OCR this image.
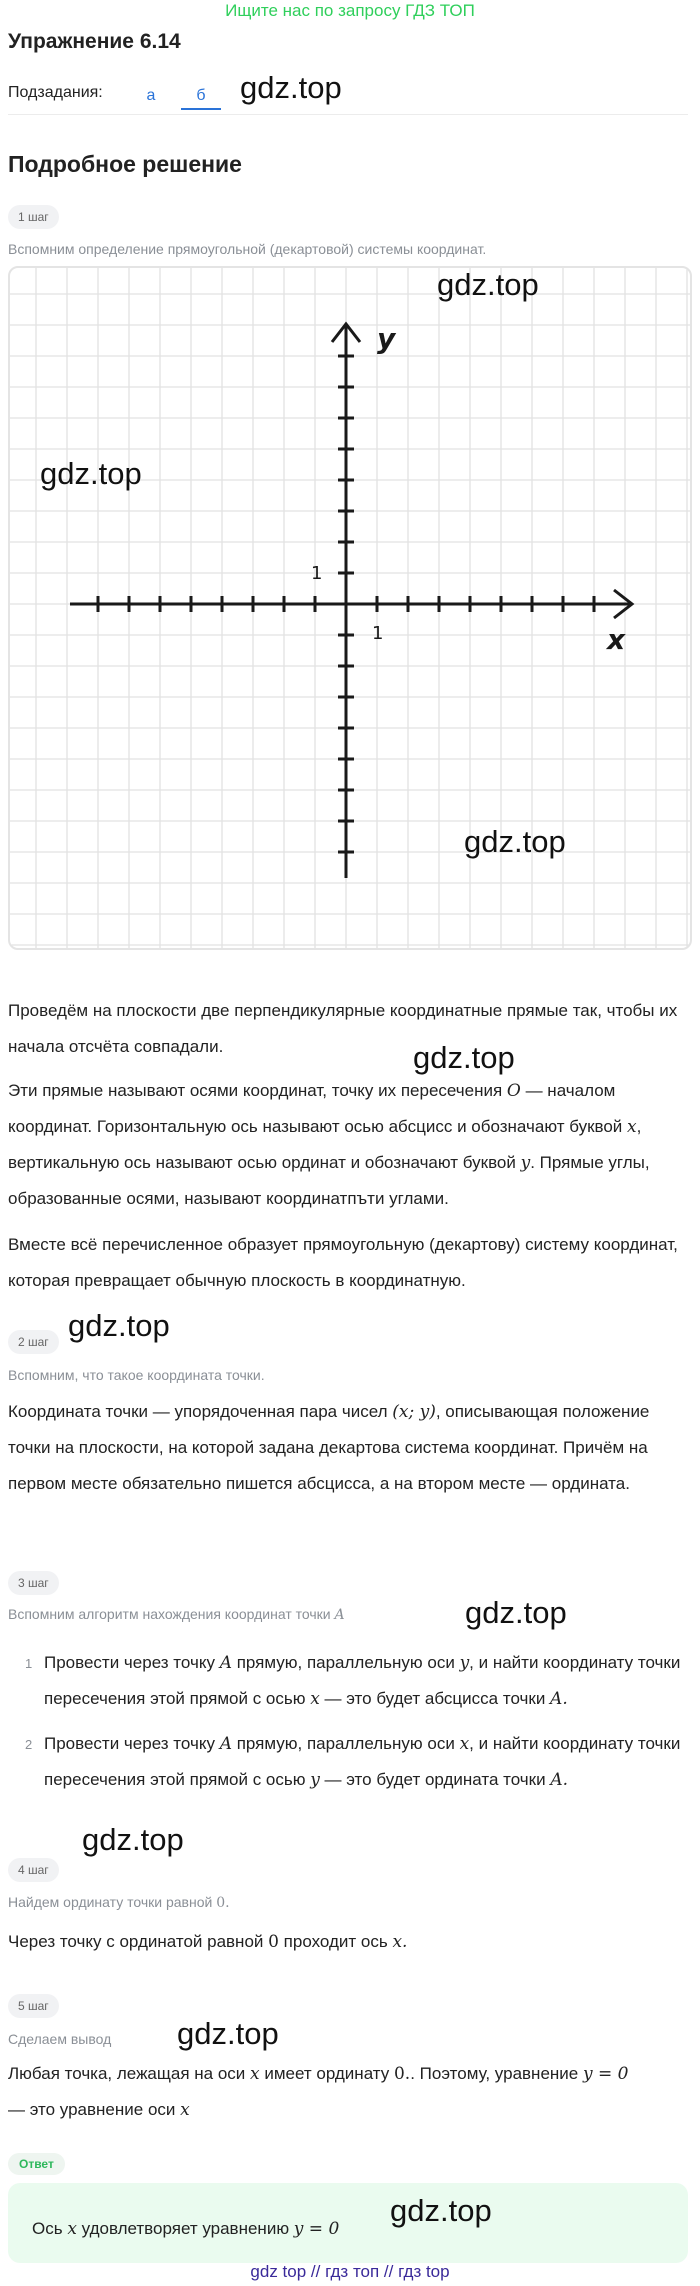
Ищите нас по запросу ГДЗ ТОП
Упражнение 6.14
Подзадания:	а	б	gdz.top
Подробное решение
1 шаг
Вспомним определение прямоугольной (декартовой) системы координат.
y
x
1
1
gdz.top
gdz.top
gdz.top
Проведём на плоскости две перпендикулярные координатные прямые так, чтобы их начала отсчёта совпадали.	gdz.top
Эти прямые называют осями координат, точку их пересечения O — началом координат. Горизонтальную ось называют осью абсцисс и обозначают буквой x, вертикальную ось называют осью ординат и обозначают буквой y. Прямые углы, образованные осями, называют координатпъти углами.
Вместе всё перечисленное образует прямоугольную (декартову) систему координат, которая превращает обычную плоскость в координатную.
2 шаг gdz.top
Вспомним, что такое координата точки.
Координата точки — упорядоченная пара чисел (x; y), описывающая положение точки на плоскости, на которой задана декартова система координат. Причём на первом месте обязательно пишется абсцисса, а на втором месте — ордината.
3 шаг
Вспомним алгоритм нахождения координат точки A	gdz.top
1 Провести через точку A прямую, параллельную оси y, и найти координату точки пересечения этой прямой с осью x — это будет абсцисса точки A.
2 Провести через точку A прямую, параллельную оси x, и найти координату точки пересечения этой прямой с осью y — это будет ордината точки A.
gdz.top
4 шаг
Найдем ординату точки равной 0.
Через точку с ординатой равной 0 проходит ось x.
5 шаг
Сделаем вывод gdz.top
Любая точка, лежащая на оси x имеет ординату 0.. Поэтому, уравнение y = 0
— это уравнение оси x
Ответ
Ось x удовлетворяет уравнению y = 0
gdz.top
gdz top // гдз топ // гдз top
